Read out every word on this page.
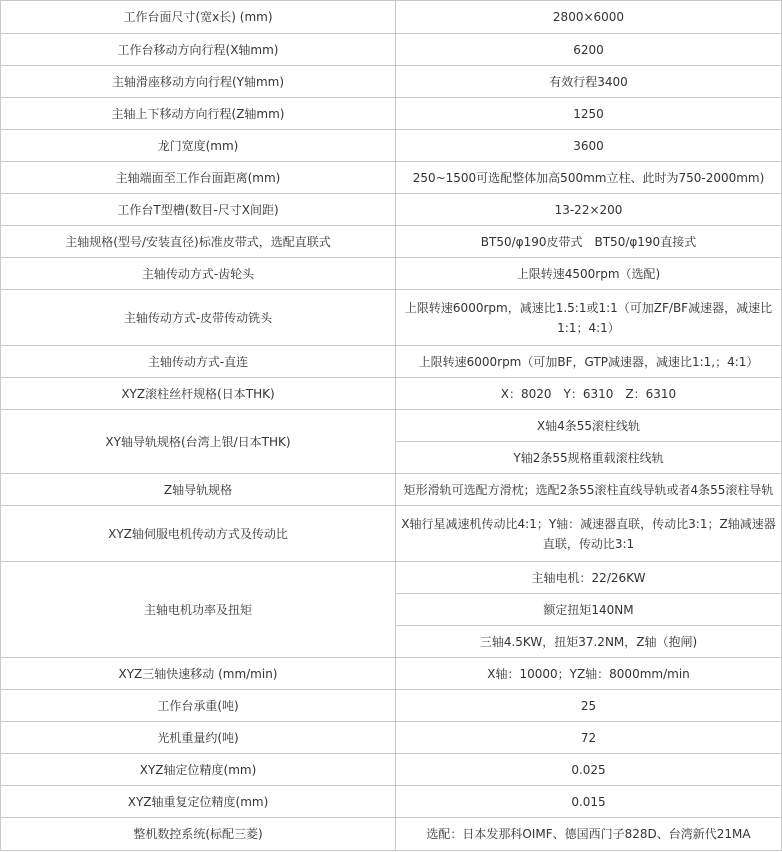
工作台面尺寸(宽x长) (mm)	2800×6000
工作台移动方向行程(X轴mm)	6200
主轴滑座移动方向行程(Y轴mm)	有效行程3400
主轴上下移动方向行程(Z轴mm)	1250
龙门宽度(mm)	3600
主轴端面至工作台面距离(mm)	250~1500可选配整体加高500mm立柱、此时为750-2000mm)
工作台T型槽(数目-尺寸X间距)	13-22×200
主轴规格(型号/安装直径)标准皮带式，选配直联式	BT50/φ190皮带式　BT50/φ190直接式
主轴传动方式-齿轮头	上限转速4500rpm（选配)
主轴传动方式-皮带传动铣头	上限转速6000rpm，减速比1.5:1或1:1（可加ZF/BF减速器，减速比1:1；4:1）
主轴传动方式-直连	上限转速6000rpm（可加BF，GTP减速器，减速比1:1,；4:1）
XYZ滚柱丝杆规格(日本THK)	X：8020　Y：6310　Z：6310
XY轴导轨规格(台湾上银/日本THK)	X轴4条55滚柱线轨
	Y轴2条55规格重载滚柱线轨
Z轴导轨规格	矩形滑轨可选配方滑枕；选配2条55滚柱直线导轨或者4条55滚柱导轨
XYZ轴伺服电机传动方式及传动比	X轴行星减速机传动比4:1；Y轴：减速器直联，传动比3:1；Z轴减速器直联，传动比3:1
主轴电机功率及扭矩	主轴电机：22/26KW
	额定扭矩140NM
	三轴4.5KW，扭矩37.2NM，Z轴（抱闸)
XYZ三轴快速移动 (mm/min)	X轴：10000；YZ轴：8000mm/min
工作台承重(吨)	25
光机重量约(吨)	72
XYZ轴定位精度(mm)	0.025
XYZ轴重复定位精度(mm)	0.015
整机数控系统(标配三菱)	选配：日本发那科OIMF、德国西门子828D、台湾新代21MA
